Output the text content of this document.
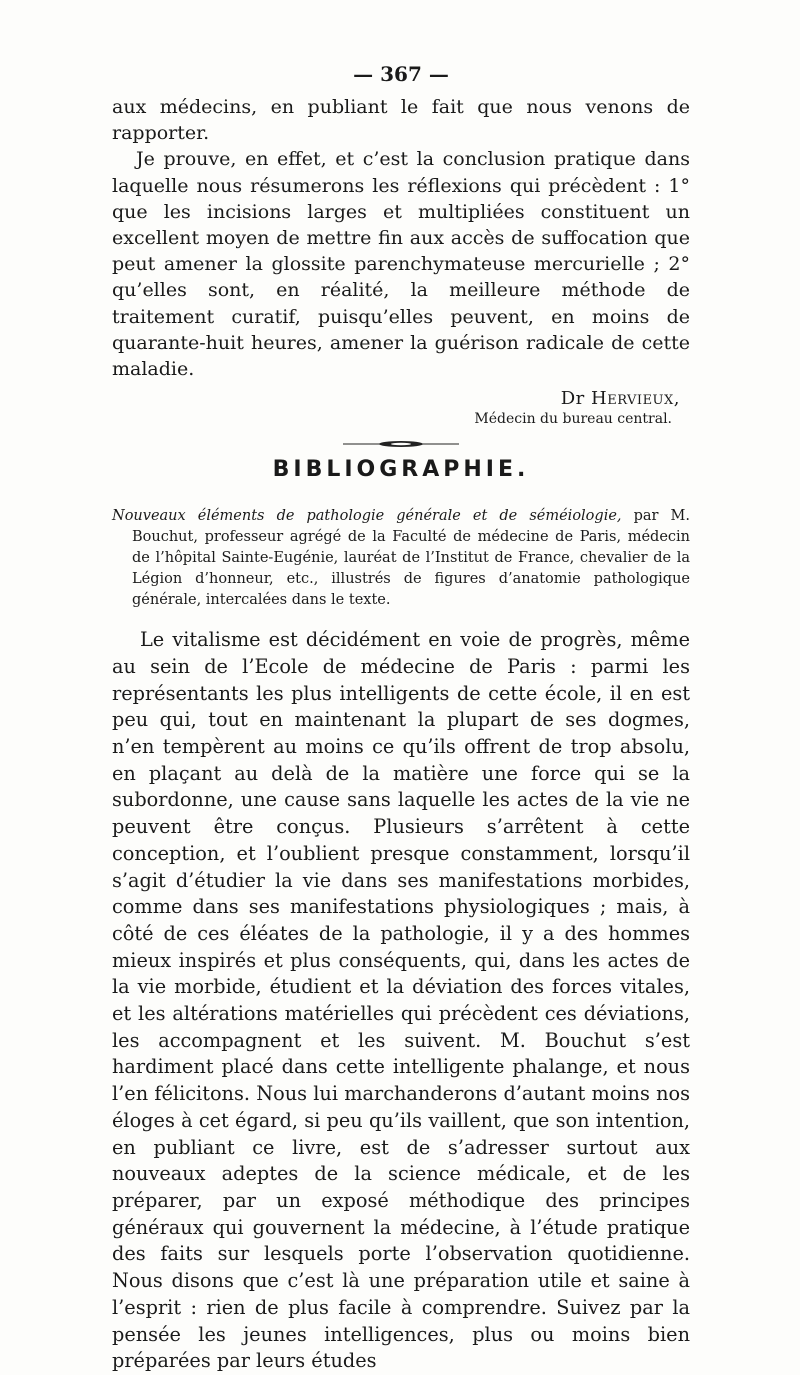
— 367 —

aux médecins, en publiant le fait que nous venons de rapporter.

Je prouve, en effet, et c’est la conclusion pratique dans laquelle nous résumerons les réflexions qui précèdent : 1° que les incisions larges et multipliées constituent un excellent moyen de mettre fin aux accès de suffocation que peut amener la glossite parenchymateuse mercurielle ; 2° qu’elles sont, en réalité, la meilleure méthode de traitement curatif, puisqu’elles peuvent, en moins de quarante-huit heures, amener la guérison radicale de cette maladie.

Dr Hervieux,
Médecin du bureau central.
BIBLIOGRAPHIE.

Nouveaux éléments de pathologie générale et de séméiologie, par M. Bouchut, professeur agrégé de la Faculté de médecine de Paris, médecin de l’hôpital Sainte-Eugénie, lauréat de l’Institut de France, chevalier de la Légion d’honneur, etc., illustrés de figures d’anatomie pathologique générale, intercalées dans le texte.

Le vitalisme est décidément en voie de progrès, même au sein de l’Ecole de médecine de Paris : parmi les représentants les plus intelligents de cette école, il en est peu qui, tout en maintenant la plupart de ses dogmes, n’en tempèrent au moins ce qu’ils offrent de trop absolu, en plaçant au delà de la matière une force qui se la subordonne, une cause sans laquelle les actes de la vie ne peuvent être conçus. Plusieurs s’arrêtent à cette conception, et l’oublient presque constamment, lorsqu’il s’agit d’étudier la vie dans ses manifestations morbides, comme dans ses manifestations physiologiques ; mais, à côté de ces éléates de la pathologie, il y a des hommes mieux inspirés et plus conséquents, qui, dans les actes de la vie morbide, étudient et la déviation des forces vitales, et les altérations matérielles qui précèdent ces déviations, les accompagnent et les suivent. M. Bouchut s’est hardiment placé dans cette intelligente phalange, et nous l’en félicitons. Nous lui marchanderons d’autant moins nos éloges à cet égard, si peu qu’ils vaillent, que son intention, en publiant ce livre, est de s’adresser surtout aux nouveaux adeptes de la science médicale, et de les préparer, par un exposé méthodique des principes généraux qui gouvernent la médecine, à l’étude pratique des faits sur lesquels porte l’observation quotidienne. Nous disons que c’est là une préparation utile et saine à l’esprit : rien de plus facile à comprendre. Suivez par la pensée les jeunes intelligences, plus ou moins bien préparées par leurs études
